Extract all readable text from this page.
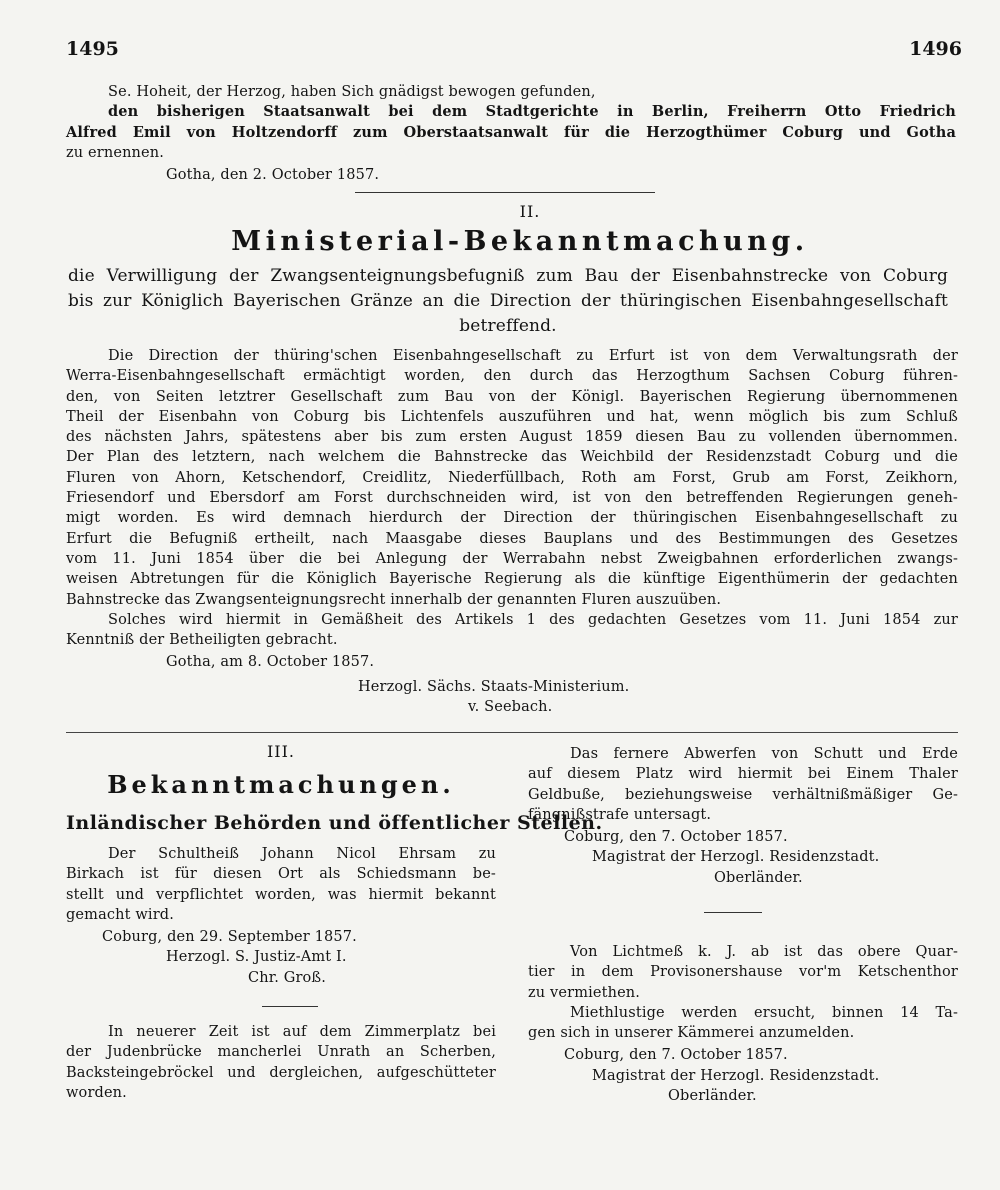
1495	1496
Se. Hoheit, der Herzog, haben Sich gnädigst bewogen gefunden,
den bisherigen Staatsanwalt bei dem Stadtgerichte in Berlin, Freiherrn Otto Friedrich
Alfred Emil von Holtzendorff zum Oberstaatsanwalt für die Herzogthümer Coburg und Gotha
zu ernennen.
Gotha, den 2. October 1857.
II.
Ministerial-Bekanntmachung.
die Verwilligung der Zwangsenteignungsbefugniß zum Bau der Eisenbahnstrecke von Coburg
bis zur Königlich Bayerischen Gränze an die Direction der thüringischen Eisenbahngesellschaft
betreffend.
Die Direction der thüring'schen Eisenbahngesellschaft zu Erfurt ist von dem Verwaltungsrath der
Werra-Eisenbahngesellschaft ermächtigt worden, den durch das Herzogthum Sachsen Coburg führen-
den, von Seiten letztrer Gesellschaft zum Bau von der Königl. Bayerischen Regierung übernommenen
Theil der Eisenbahn von Coburg bis Lichtenfels auszuführen und hat, wenn möglich bis zum Schluß
des nächsten Jahrs, spätestens aber bis zum ersten August 1859 diesen Bau zu vollenden übernommen.
Der Plan des letztern, nach welchem die Bahnstrecke das Weichbild der Residenzstadt Coburg und die
Fluren von Ahorn, Ketschendorf, Creidlitz, Niederfüllbach, Roth am Forst, Grub am Forst, Zeikhorn,
Friesendorf und Ebersdorf am Forst durchschneiden wird, ist von den betreffenden Regierungen geneh-
migt worden. Es wird demnach hierdurch der Direction der thüringischen Eisenbahngesellschaft zu
Erfurt die Befugniß ertheilt, nach Maasgabe dieses Bauplans und des Bestimmungen des Gesetzes
vom 11. Juni 1854 über die bei Anlegung der Werrabahn nebst Zweigbahnen erforderlichen zwangs-
weisen Abtretungen für die Königlich Bayerische Regierung als die künftige Eigenthümerin der gedachten
Bahnstrecke das Zwangsenteignungsrecht innerhalb der genannten Fluren auszuüben.
Solches wird hiermit in Gemäßheit des Artikels 1 des gedachten Gesetzes vom 11. Juni 1854 zur
Kenntniß der Betheiligten gebracht.
Gotha, am 8. October 1857.
Herzogl. Sächs. Staats-Ministerium.
v. Seebach.
III.
Bekanntmachungen.
Inländischer Behörden und öffentlicher Stellen.
Der Schultheiß Johann Nicol Ehrsam zu
Birkach ist für diesen Ort als Schiedsmann be-
stellt und verpflichtet worden, was hiermit bekannt
gemacht wird.
Coburg, den 29. September 1857.
Herzogl. S. Justiz-Amt I.
Chr. Groß.
In neuerer Zeit ist auf dem Zimmerplatz bei
der Judenbrücke mancherlei Unrath an Scherben,
Backsteingebröckel und dergleichen, aufgeschütteter
worden.
Das fernere Abwerfen von Schutt und Erde
auf diesem Platz wird hiermit bei Einem Thaler
Geldbuße, beziehungsweise verhältnißmäßiger Ge-
fängnißstrafe untersagt.
Coburg, den 7. October 1857.
Magistrat der Herzogl. Residenzstadt.
Oberländer.
Von Lichtmeß k. J. ab ist das obere Quar-
tier in dem Provisonershause vor'm Ketschenthor
zu vermiethen.
Miethlustige werden ersucht, binnen 14 Ta-
gen sich in unserer Kämmerei anzumelden.
Coburg, den 7. October 1857.
Magistrat der Herzogl. Residenzstadt.
Oberländer.
